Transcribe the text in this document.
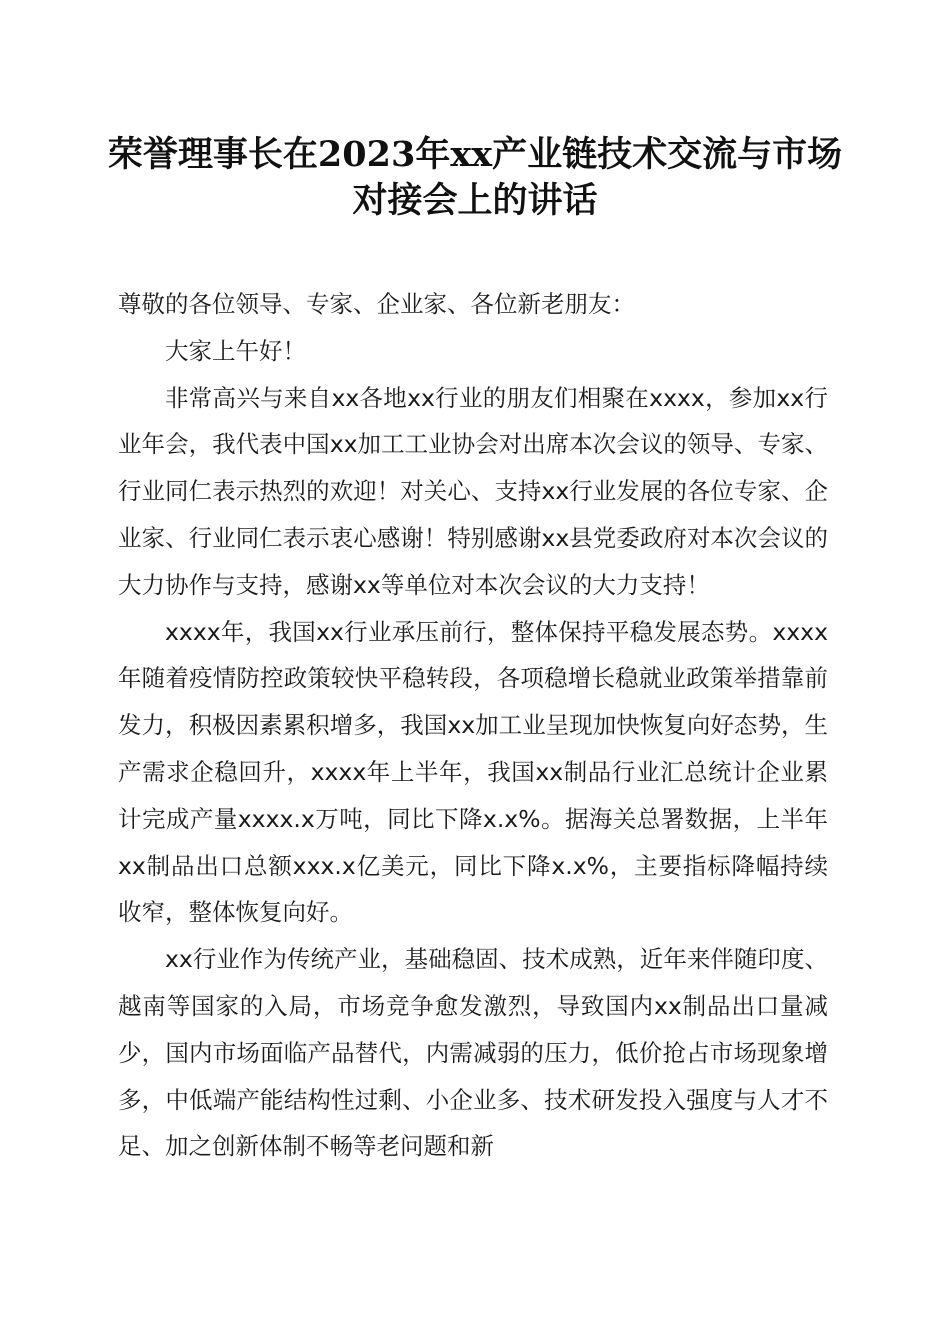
荣誉理事长在2023年xx产业链技术交流与市场对接会上的讲话

尊敬的各位领导、专家、企业家、各位新老朋友：

大家上午好！

非常高兴与来自xx各地xx行业的朋友们相聚在xxxx，参加xx行业年会，我代表中国xx加工工业协会对出席本次会议的领导、专家、行业同仁表示热烈的欢迎！对关心、支持xx行业发展的各位专家、企业家、行业同仁表示衷心感谢！特别感谢xx县党委政府对本次会议的大力协作与支持，感谢xx等单位对本次会议的大力支持！

xxxx年，我国xx行业承压前行，整体保持平稳发展态势。xxxx年随着疫情防控政策较快平稳转段，各项稳增长稳就业政策举措靠前发力，积极因素累积增多，我国xx加工业呈现加快恢复向好态势，生产需求企稳回升，xxxx年上半年，我国xx制品行业汇总统计企业累计完成产量xxxx.x万吨，同比下降x.x%。据海关总署数据，上半年xx制品出口总额xxx.x亿美元，同比下降x.x%，主要指标降幅持续收窄，整体恢复向好。

xx行业作为传统产业，基础稳固、技术成熟，近年来伴随印度、越南等国家的入局，市场竞争愈发激烈，导致国内xx制品出口量减少，国内市场面临产品替代，内需减弱的压力，低价抢占市场现象增多，中低端产能结构性过剩、小企业多、技术研发投入强度与人才不足、加之创新体制不畅等老问题和新
